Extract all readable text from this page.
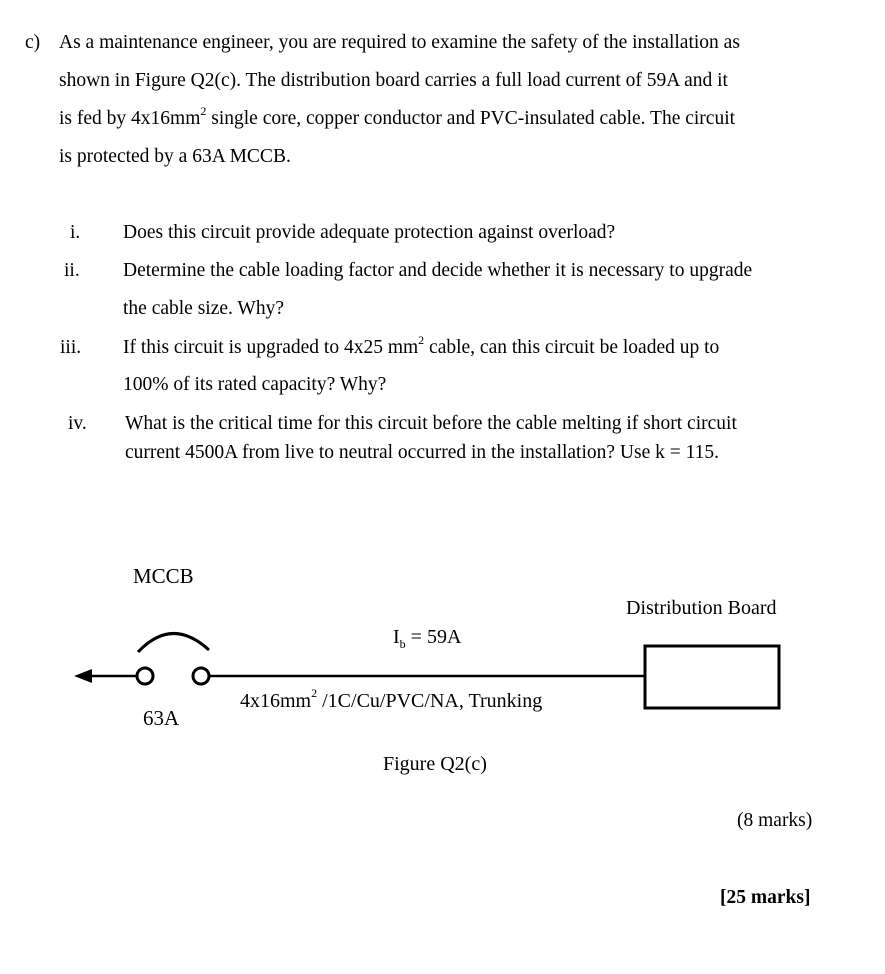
c) As a maintenance engineer, you are required to examine the safety of the installation as
shown in Figure Q2(c). The distribution board carries a full load current of 59A and it
is fed by $4x16mm^2$ single core, copper conductor and PVC-insulated cable. The circuit
is protected by a 63A MCCB.
i. Does this circuit provide adequate protection against overload?
ii. Determine the cable loading factor and decide whether it is necessary to upgrade
the cable size. Why?
iii. If this circuit is upgraded to 4x25 $mm^2$ cable, can this circuit be loaded up to
100% of its rated capacity? Why?
iv. What is the critical time for this circuit before the cable melting if short circuit
current 4500A from live to neutral occurred in the installation? Use k = 115.
MCCB
Distribution Board
$I_b = 59A$
$4x16mm^2$ /1C/Cu/PVC/NA, Trunking
63A
Figure Q2(c)
(8 marks)
[25 marks]
